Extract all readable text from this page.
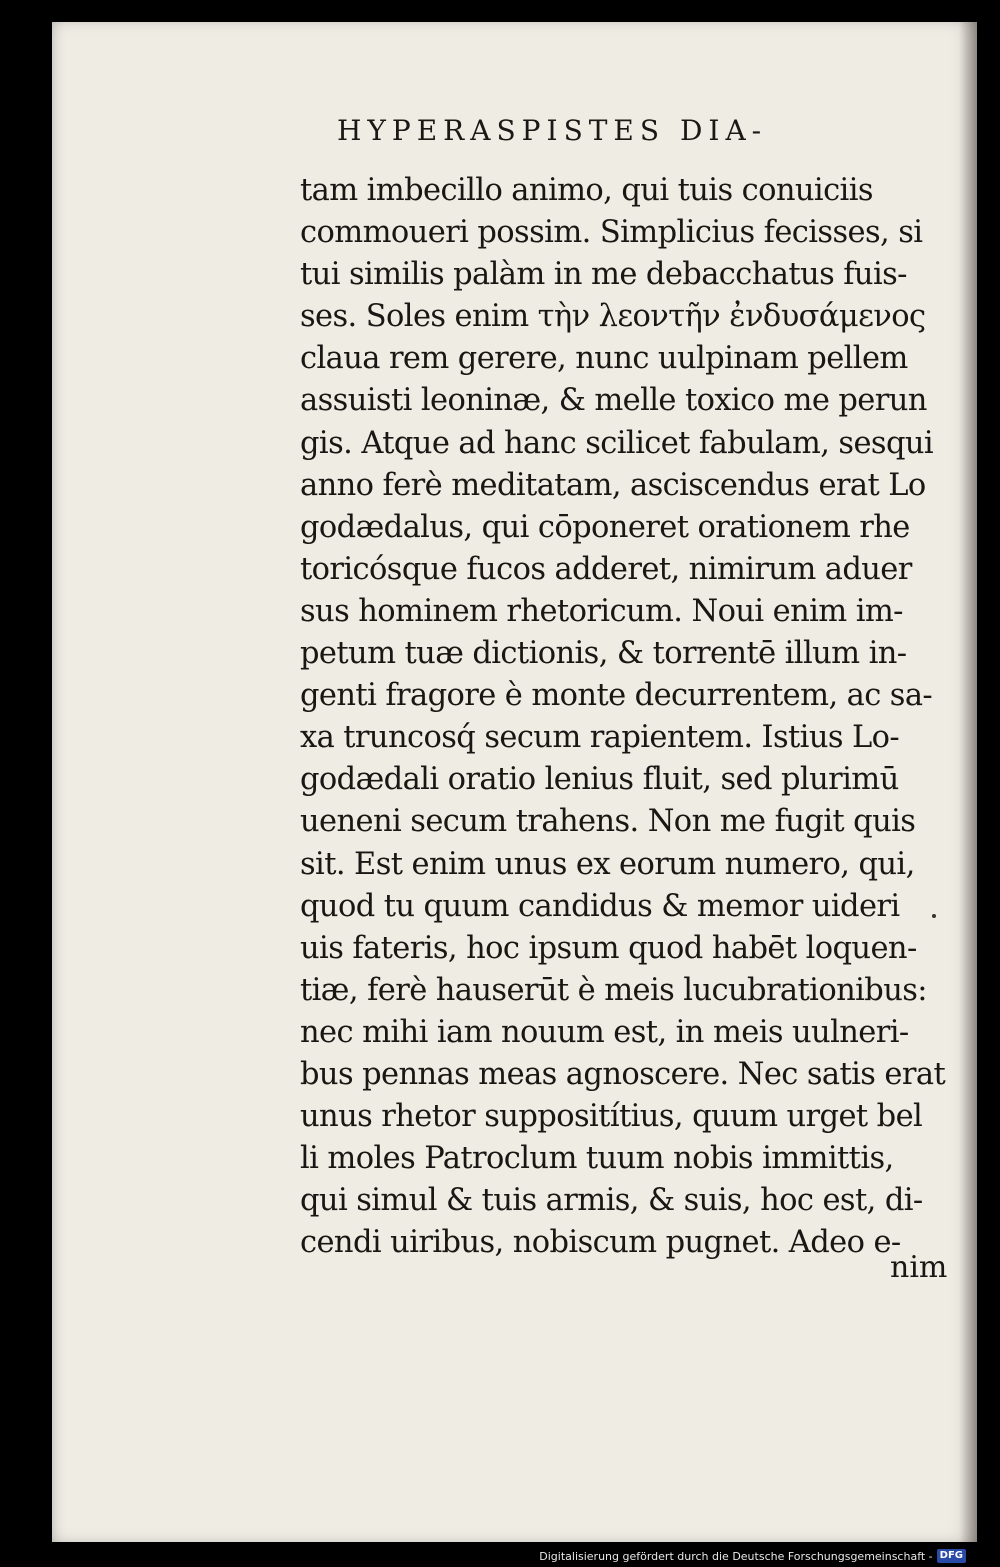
HYPERASPISTES DIA-
tam imbecillo animo, qui tuis conuiciis
commoueri possim. Simplicius fecisses, si
tui similis palàm in me debacchatus fuis-
ses. Soles enim τὴν λεοντῆν ἐνδυσάμενος
claua rem gerere, nunc uulpinam pellem
assuisti leoninæ, & melle toxico me perun
gis. Atque ad hanc scilicet fabulam, sesqui
anno ferè meditatam, asciscendus erat Lo
godædalus, qui cōponeret orationem rhe
toricósque fucos adderet, nimirum aduer
sus hominem rhetoricum. Noui enim im-
petum tuæ dictionis, & torrentē illum in-
genti fragore è monte decurrentem, ac sa-
xa truncosq́ secum rapientem. Istius Lo-
godædali oratio lenius fluit, sed plurimū
ueneni secum trahens. Non me fugit quis
sit. Est enim unus ex eorum numero, qui,
quod tu quum candidus & memor uideri
uis fateris, hoc ipsum quod habēt loquen-
tiæ, ferè hauserūt è meis lucubrationibus:
nec mihi iam nouum est, in meis uulneri-
bus pennas meas agnoscere. Nec satis erat
unus rhetor suppositítius, quum urget bel
li moles Patroclum tuum nobis immittis,
qui simul & tuis armis, & suis, hoc est, di-
cendi uiribus, nobiscum pugnet. Adeo e-
nim
Digitalisierung gefördert durch die Deutsche Forschungsgemeinschaft - DFG
